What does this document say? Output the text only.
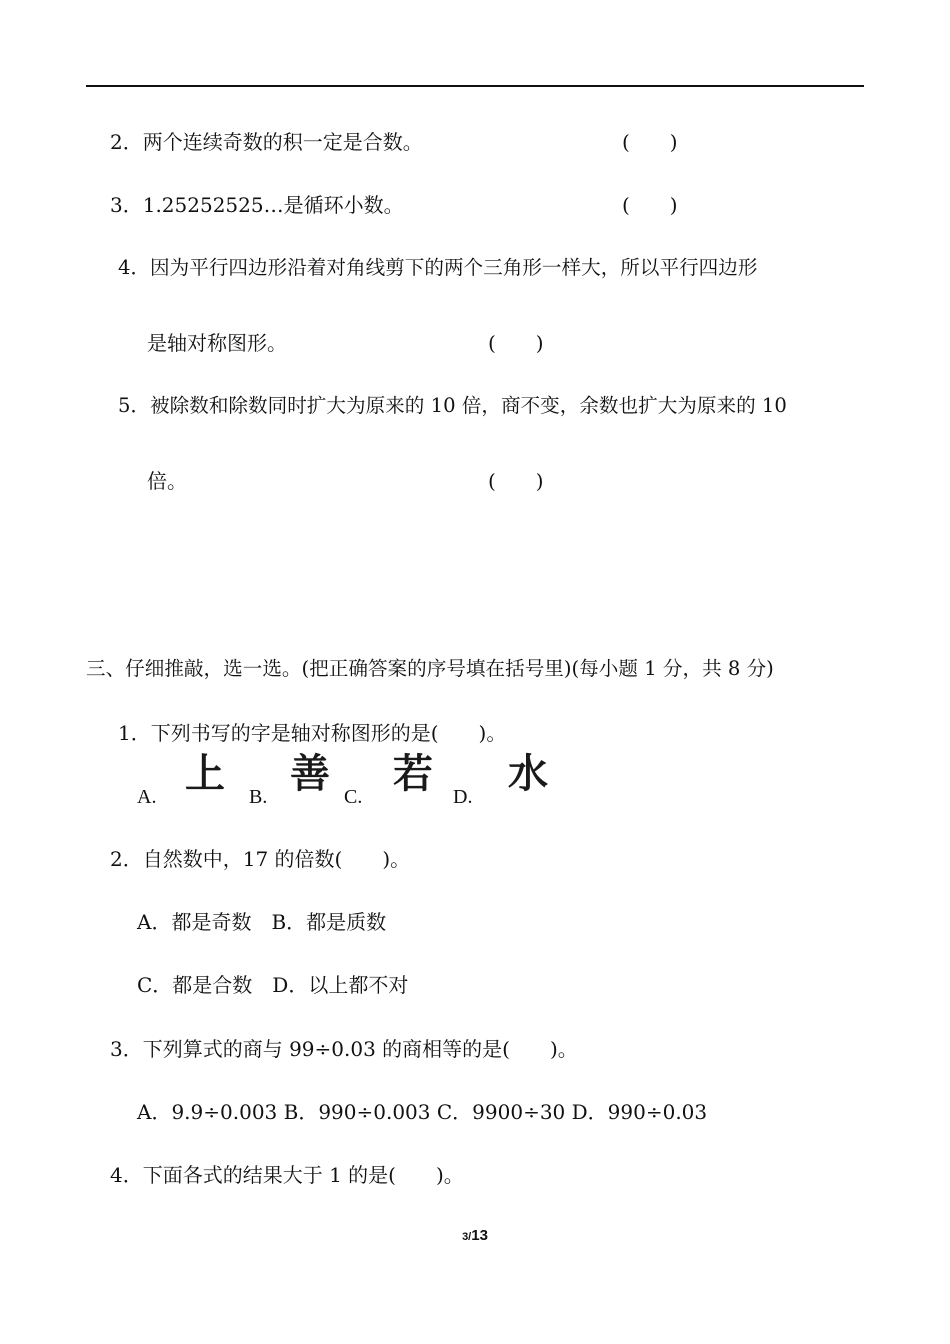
2．两个连续奇数的积一定是合数。	(　　)
3．1.25252525…是循环小数。	(　　)
4．因为平行四边形沿着对角线剪下的两个三角形一样大，所以平行四边形
是轴对称图形。	(　　)
5．被除数和除数同时扩大为原来的 10 倍，商不变，余数也扩大为原来的 10
倍。	(　　)
三、仔细推敲，选一选。(把正确答案的序号填在括号里)(每小题 1 分，共 8 分)
1．下列书写的字是轴对称图形的是(　　)。
A. 上 B. 善 C. 若 D. 水
2．自然数中，17 的倍数(　　)。
A．都是奇数　B．都是质数
C．都是合数　D．以上都不对
3．下列算式的商与 99÷0.03 的商相等的是(　　)。
A．9.9÷0.003 B．990÷0.003 C．9900÷30 D．990÷0.03
4．下面各式的结果大于 1 的是(　　)。
3/13
